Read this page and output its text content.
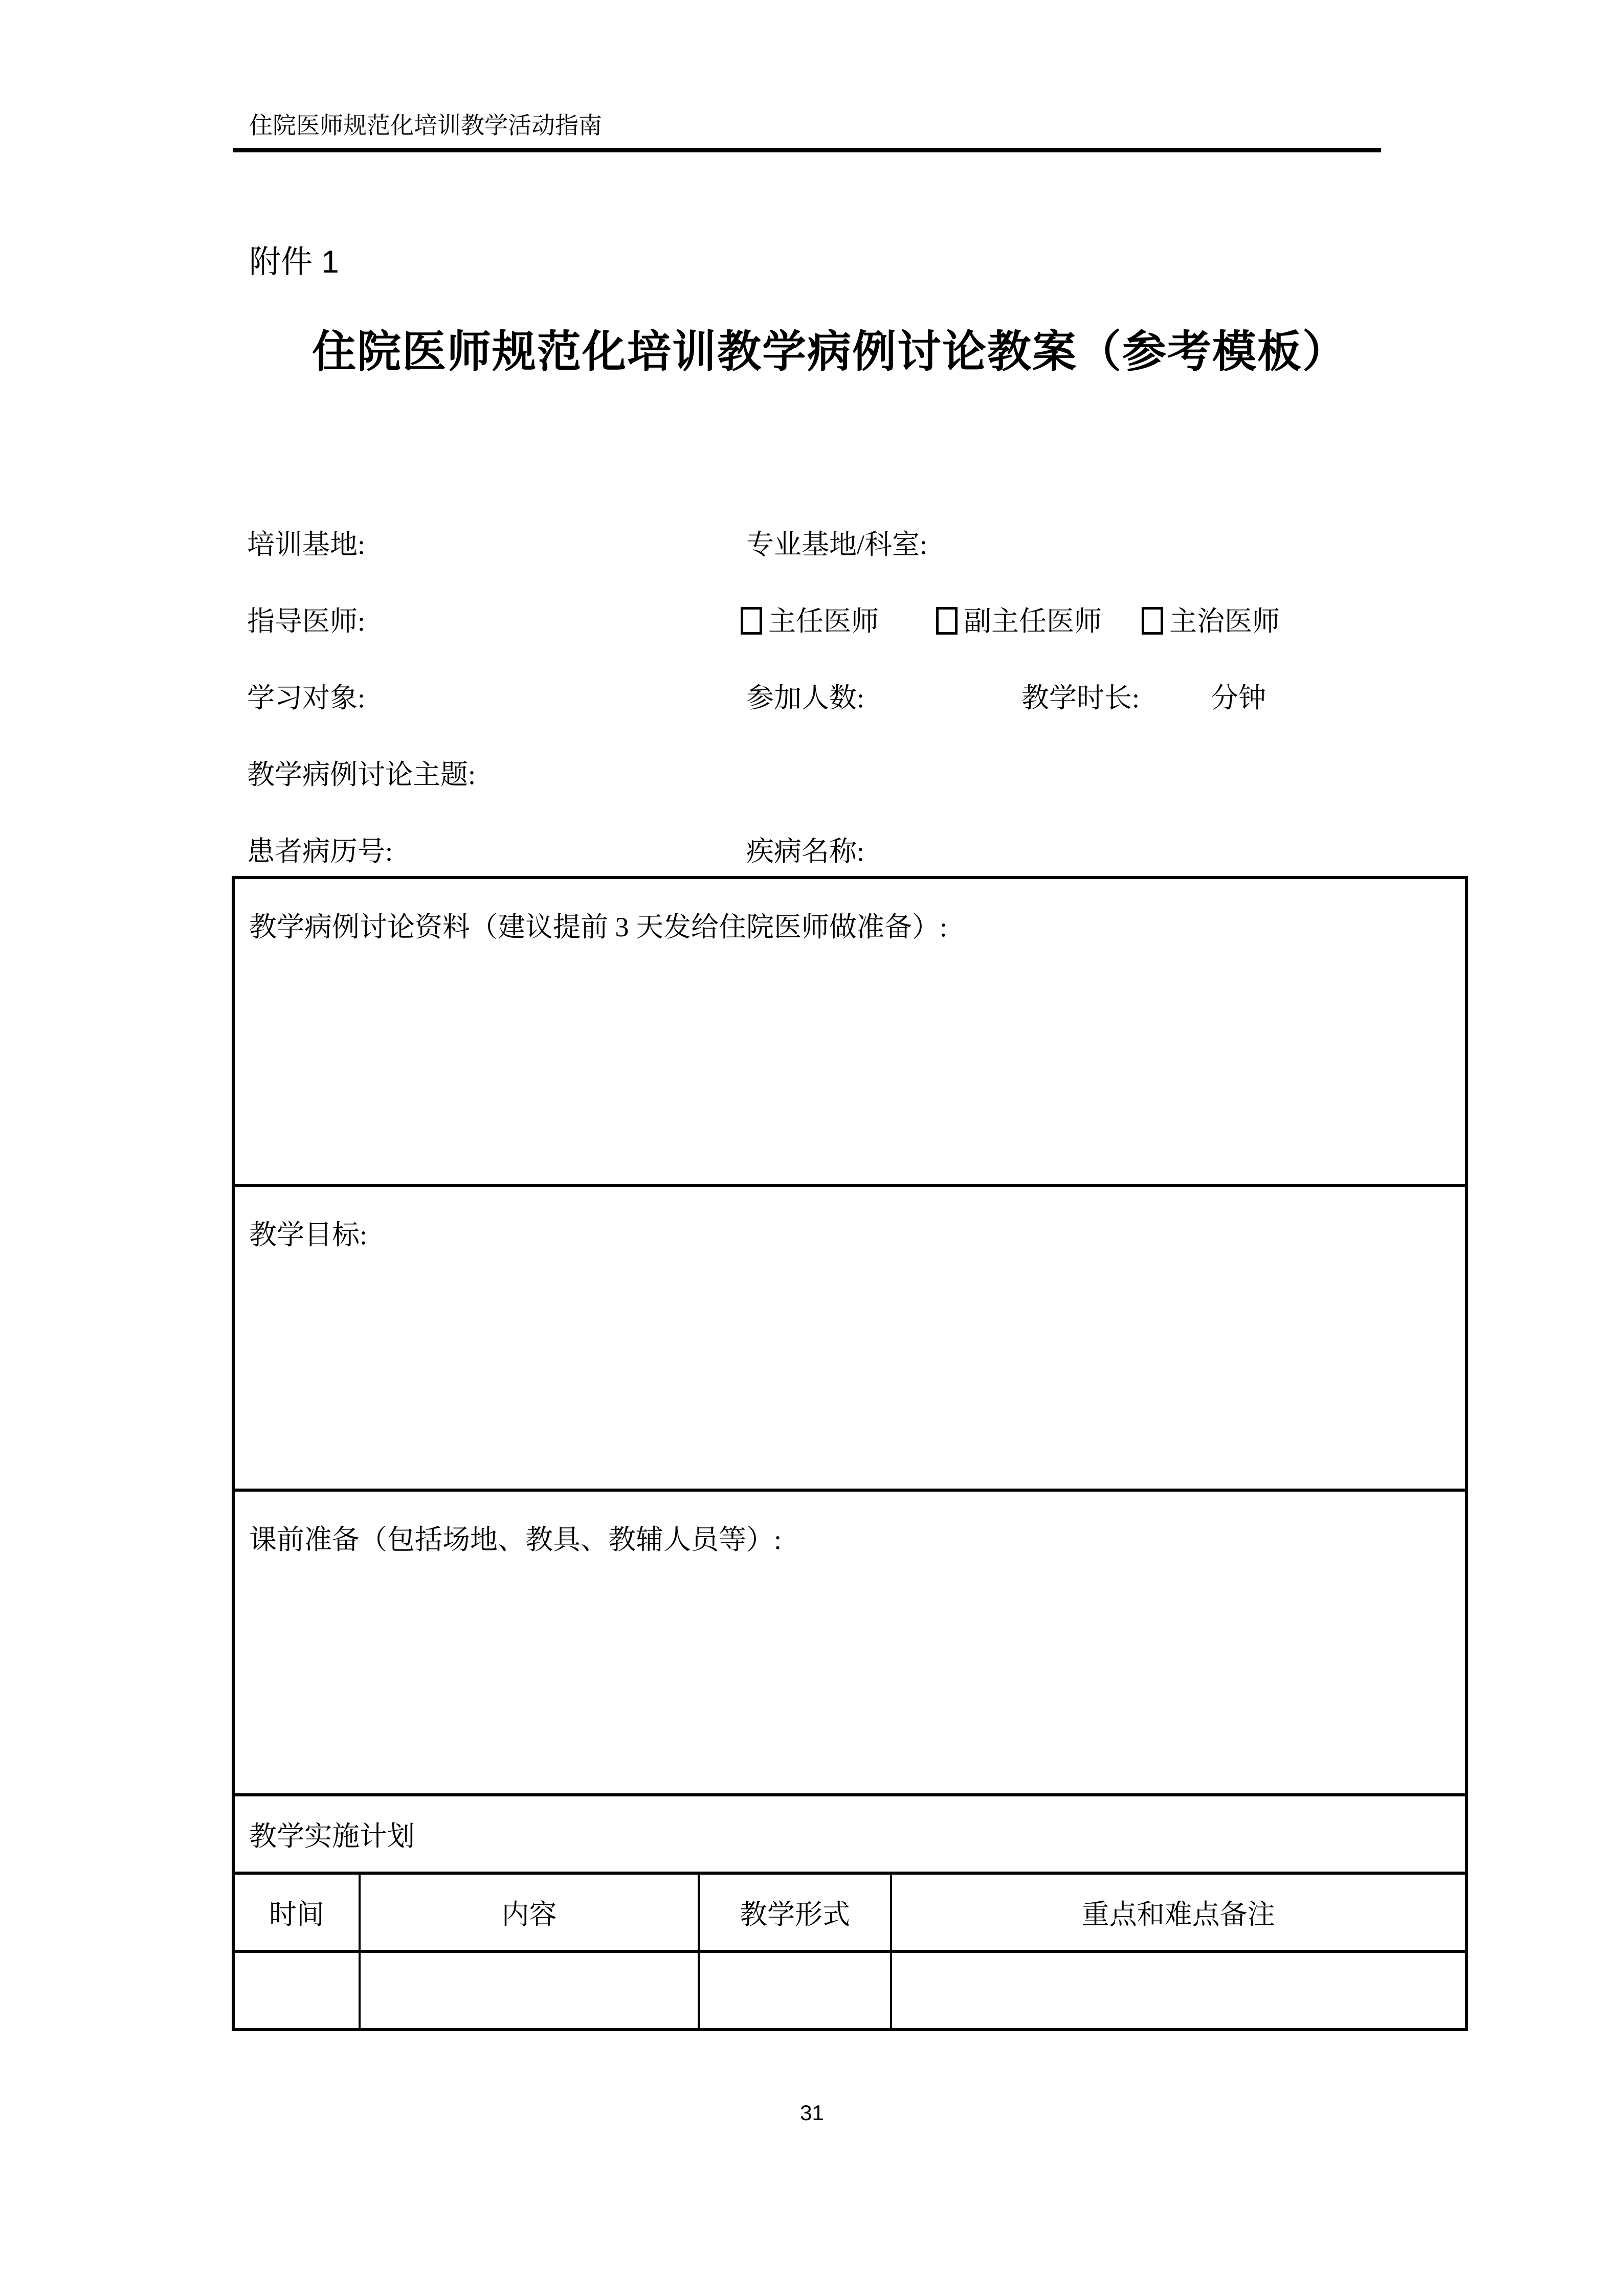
住院医师规范化培训教学活动指南
附件 1
住院医师规范化培训教学病例讨论教案（参考模板）
培训基地:	专业基地/科室:
指导医师:	主任医师	副主任医师 主治医师
学习对象:	参加人数:	教学时长:	分钟
教学病例讨论主题:
患者病历号:	疾病名称:
教学病例讨论资料（建议提前 3 天发给住院医师做准备）:
教学目标:
课前准备（包括场地、教具、教辅人员等）:
教学实施计划
时间	内容	教学形式	重点和难点备注
31
